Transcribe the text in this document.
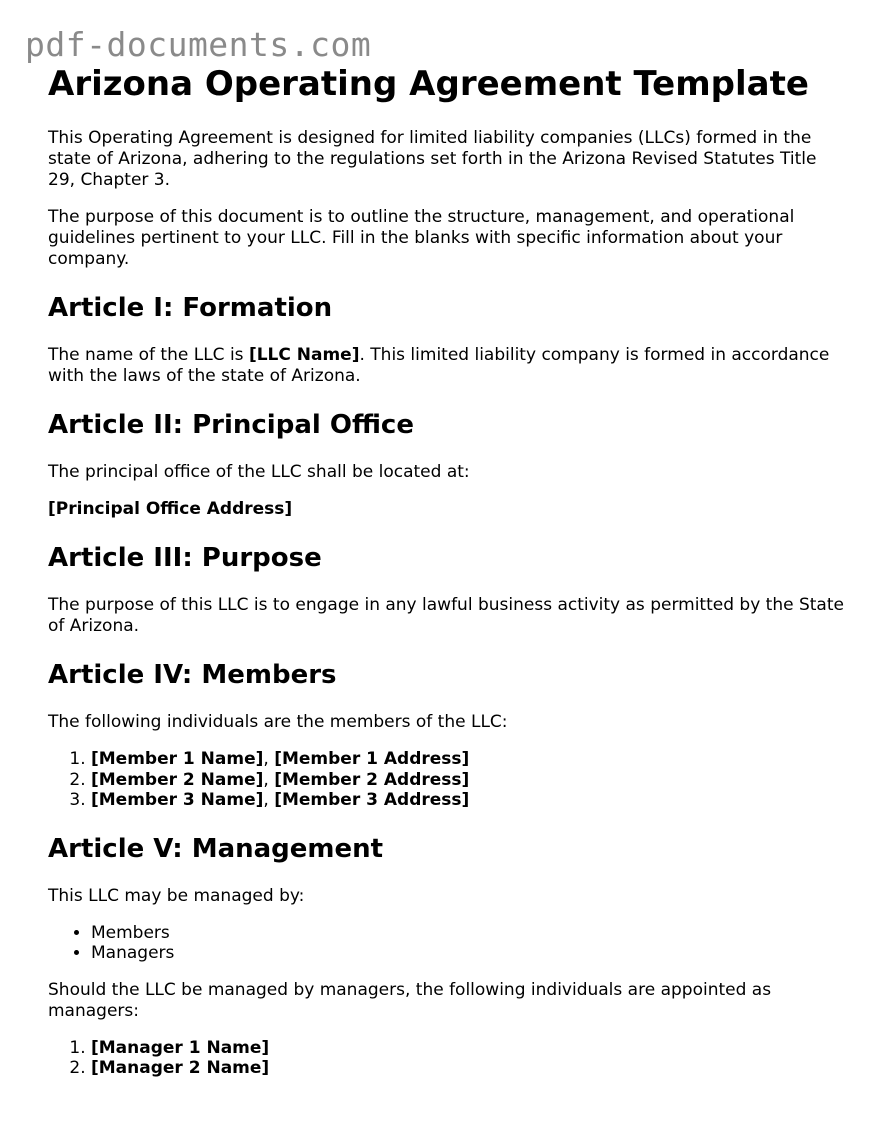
pdf-documents.com
Arizona Operating Agreement Template

This Operating Agreement is designed for limited liability companies (LLCs) formed in the state of Arizona, adhering to the regulations set forth in the Arizona Revised Statutes Title 29, Chapter 3.

The purpose of this document is to outline the structure, management, and operational guidelines pertinent to your LLC. Fill in the blanks with specific information about your company.

Article I: Formation

The name of the LLC is [LLC Name]. This limited liability company is formed in accordance with the laws of the state of Arizona.

Article II: Principal Office

The principal office of the LLC shall be located at:

[Principal Office Address]

Article III: Purpose

The purpose of this LLC is to engage in any lawful business activity as permitted by the State of Arizona.

Article IV: Members

The following individuals are the members of the LLC:

1. [Member 1 Name], [Member 1 Address]
2. [Member 2 Name], [Member 2 Address]
3. [Member 3 Name], [Member 3 Address]
Article V: Management

This LLC may be managed by:

• Members
• Managers

Should the LLC be managed by managers, the following individuals are appointed as managers:

1. [Manager 1 Name]
2. [Manager 2 Name]
